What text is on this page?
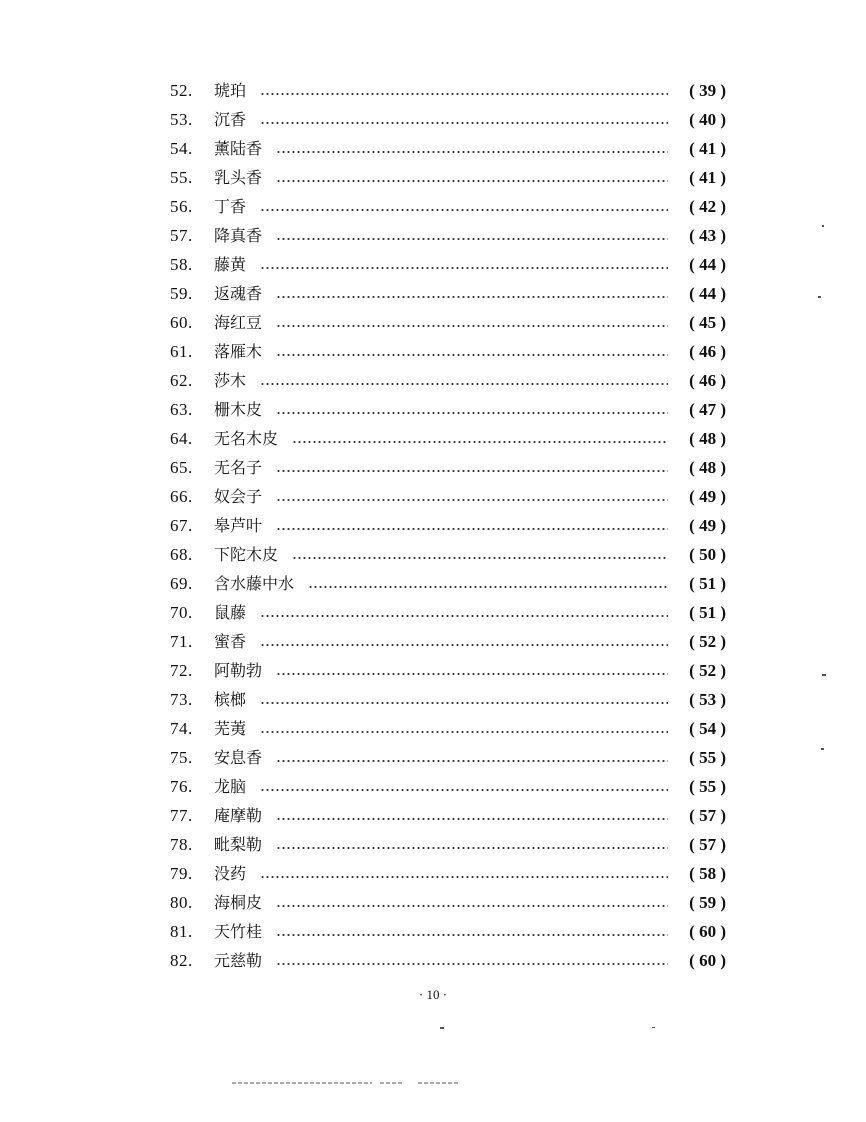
52.	琥珀	( 39 )
53.	沉香	( 40 )
54.	薰陆香	( 41 )
55.	乳头香	( 41 )
56.	丁香	( 42 )
57.	降真香	( 43 )
58.	藤黄	( 44 )
59.	返魂香	( 44 )
60.	海红豆	( 45 )
61.	落雁木	( 46 )
62.	莎木	( 46 )
63.	栅木皮	( 47 )
64.	无名木皮	( 48 )
65.	无名子	( 48 )
66.	奴会子	( 49 )
67.	皋芦叶	( 49 )
68.	下陀木皮	( 50 )
69.	含水藤中水	( 51 )
70.	鼠藤	( 51 )
71.	蜜香	( 52 )
72.	阿勒勃	( 52 )
73.	槟榔	( 53 )
74.	芜荑	( 54 )
75.	安息香	( 55 )
76.	龙脑	( 55 )
77.	庵摩勒	( 57 )
78.	毗梨勒	( 57 )
79.	没药	( 58 )
80.	海桐皮	( 59 )
81.	天竹桂	( 60 )
82.	元慈勒	( 60 )
· 10 ·
